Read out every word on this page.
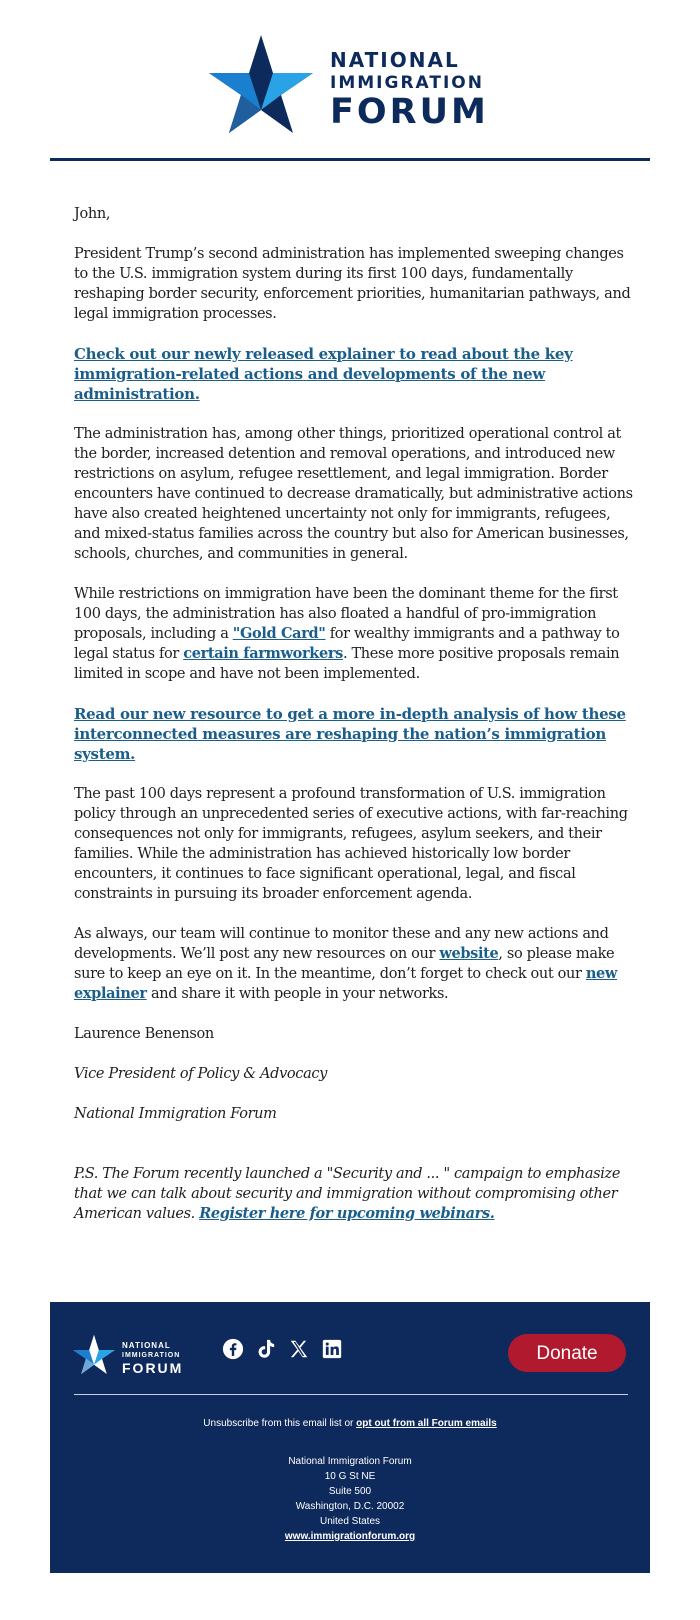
NATIONAL
IMMIGRATION
FORUM

John,

President Trump’s second administration has implemented sweeping changes to the U.S. immigration system during its first 100 days, fundamentally reshaping border security, enforcement priorities, humanitarian pathways, and legal immigration processes.

Check out our newly released explainer to read about the key immigration-related actions and developments of the new administration.

The administration has, among other things, prioritized operational control at the border, increased detention and removal operations, and introduced new restrictions on asylum, refugee resettlement, and legal immigration. Border encounters have continued to decrease dramatically, but administrative actions have also created heightened uncertainty not only for immigrants, refugees, and mixed-status families across the country but also for American businesses, schools, churches, and communities in general.

While restrictions on immigration have been the dominant theme for the first 100 days, the administration has also floated a handful of pro-immigration proposals, including a "Gold Card" for wealthy immigrants and a pathway to legal status for certain farmworkers. These more positive proposals remain limited in scope and have not been implemented.

Read our new resource to get a more in-depth analysis of how these interconnected measures are reshaping the nation’s immigration system.

The past 100 days represent a profound transformation of U.S. immigration policy through an unprecedented series of executive actions, with far-reaching consequences not only for immigrants, refugees, asylum seekers, and their families. While the administration has achieved historically low border encounters, it continues to face significant operational, legal, and fiscal constraints in pursuing its broader enforcement agenda.

As always, our team will continue to monitor these and any new actions and developments. We’ll post any new resources on our website, so please make sure to keep an eye on it. In the meantime, don’t forget to check out our new explainer and share it with people in your networks.

Laurence Benenson

Vice President of Policy & Advocacy

National Immigration Forum

P.S. The Forum recently launched a "Security and ... " campaign to emphasize that we can talk about security and immigration without compromising other American values. Register here for upcoming webinars.

NATIONAL
IMMIGRATION
FORUM
Donate
Unsubscribe from this email list or opt out from all Forum emails
National Immigration Forum
10 G St NE
Suite 500
Washington, D.C. 20002
United States
www.immigrationforum.org
